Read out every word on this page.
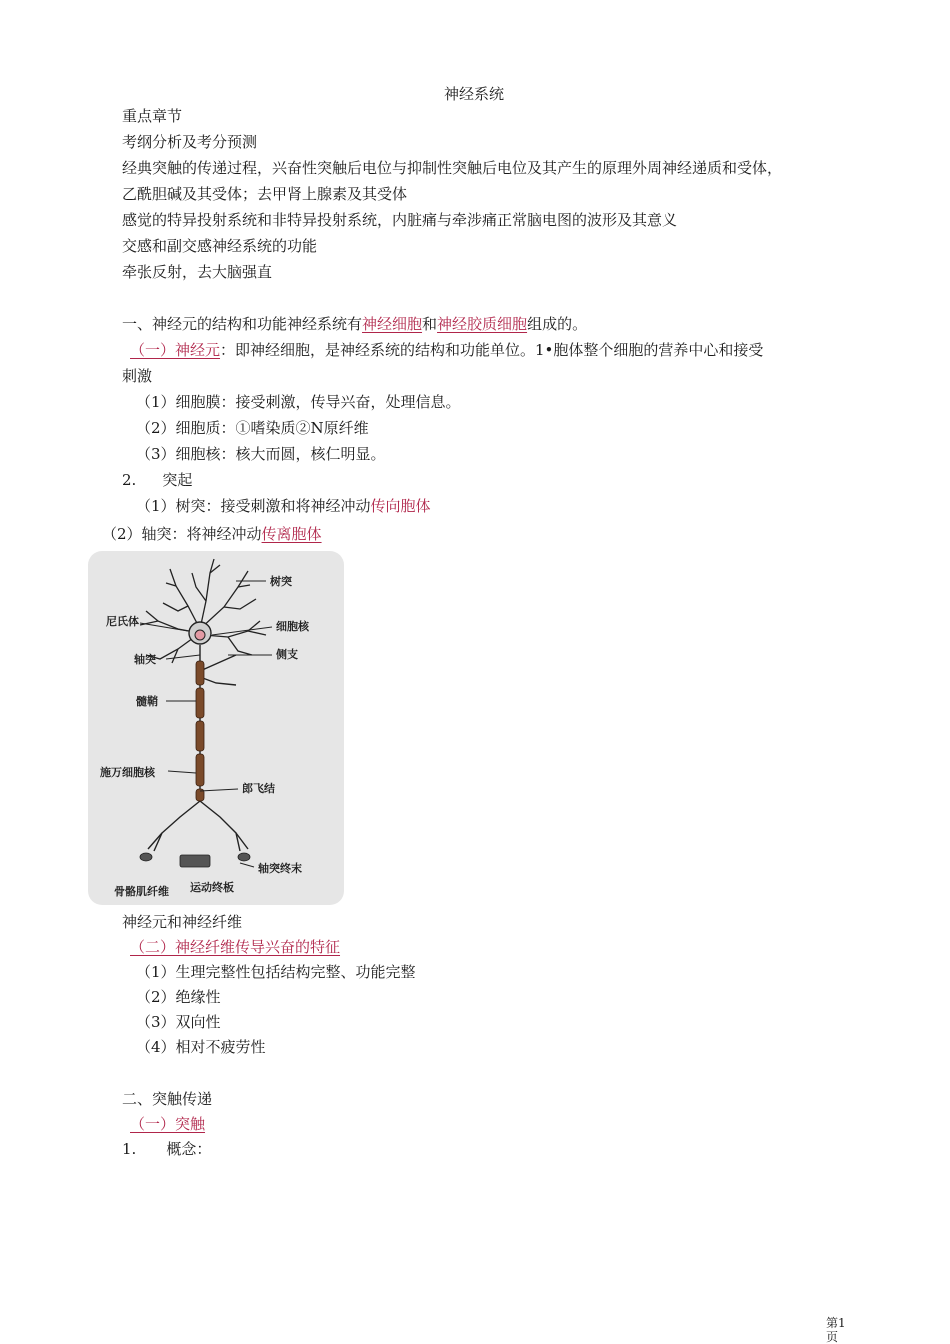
神经系统
重点章节
考纲分析及考分预测
经典突触的传递过程，兴奋性突触后电位与抑制性突触后电位及其产生的原理外周神经递质和受体，
乙酰胆碱及其受体；去甲肾上腺素及其受体
感觉的特异投射系统和非特异投射系统，内脏痛与牵涉痛正常脑电图的波形及其意义
交感和副交感神经系统的功能
牵张反射，去大脑强直
一、神经元的结构和功能神经系统有神经细胞和神经胶质细胞组成的。
（一）神经元：即神经细胞，是神经系统的结构和功能单位。1•胞体整个细胞的营养中心和接受
刺激
（1）细胞膜：接受刺激，传导兴奋，处理信息。
（2）细胞质：①嗜染质②N原纤维
（3）细胞核：核大而圆，核仁明显。
2. 突起
（1）树突：接受刺激和将神经冲动传向胞体
（2）轴突：将神经冲动传离胞体
树突
尼氏体	细胞核
轴突	侧支
髓鞘
施万细胞核
郎飞结
轴突终末
骨骼肌纤维 运动终板
神经元和神经纤维
（二）神经纤维传导兴奋的特征
（1）生理完整性包括结构完整、功能完整
（2）绝缘性
（3）双向性
（4）相对不疲劳性
二、突触传递
（一）突触
1. 概念：
第1页
